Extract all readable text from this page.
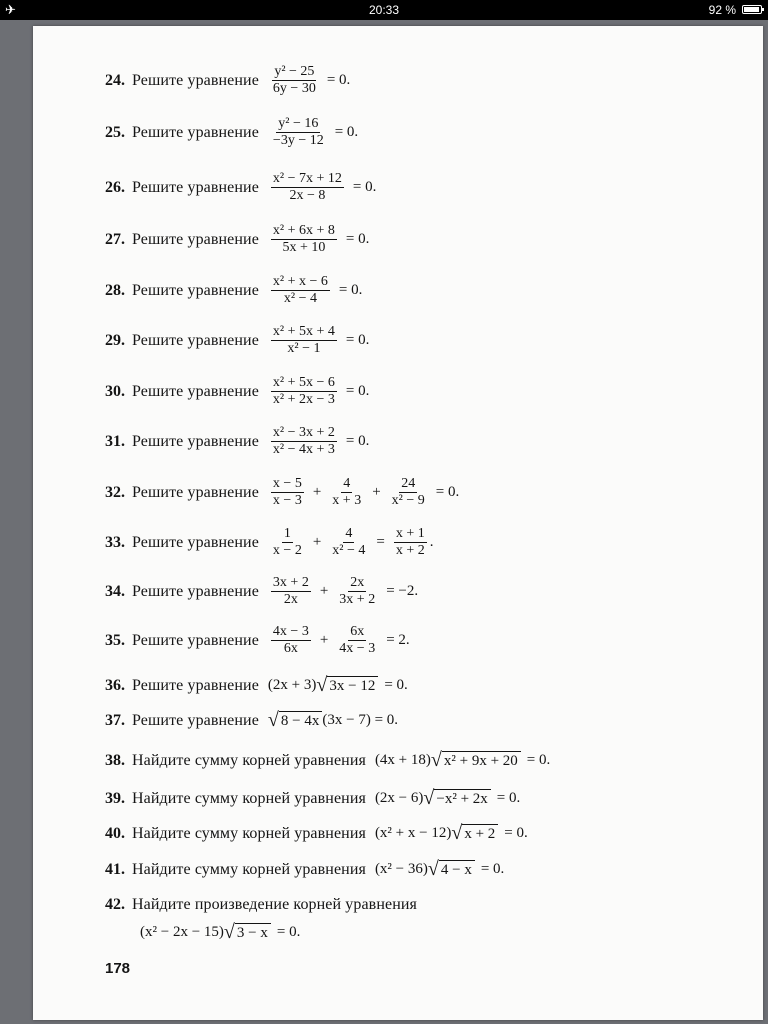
✈	20:33	92 %
24. Решите уравнение $\frac{\text{y² − 25}}{6y - 30} = 0$.
25. Решите уравнение $\frac{\text{y² − 16}}{-3y - 12} = 0$.
26. Решите уравнение $\frac{\text{x² − 7x + 12}}{2x - 8} = 0$.
27. Решите уравнение $\frac{\text{x² + 6x + 8}}{5x + 10} = 0$.
28. Решите уравнение $\frac{\text{x² + x − 6}}{\text{x² − 4}} = 0$.
29. Решите уравнение $\frac{\text{x² + 5x + 4}}{\text{x² − 1}} = 0$.
30. Решите уравнение $\frac{\text{x² + 5x − 6}}{\text{x² + 2x − 3}} = 0$.
31. Решите уравнение $\frac{\text{x² − 3x + 2}}{\text{x² − 4x + 3}} = 0$.
32. Решите уравнение $\frac{x - 5}{x - 3} + \frac{4}{x + 3} + \frac{24}{\text{x² − 9}} = 0$.
33. Решите уравнение $\frac{1}{x - 2} + \frac{4}{\text{x² − 4}} = \frac{x + 1}{x + 2}$ .
34. Решите уравнение $\frac{3x + 2}{2x} + \frac{2x}{3x + 2} = -2$.
35. Решите уравнение $\frac{4x - 3}{6x} + \frac{6x}{4x - 3} = 2$.
36. Решите уравнение (2x + 3) √ 3x − 12 = 0.
37. Решите уравнение √ 8 − 4x (3x − 7) = 0.
38. Найдите сумму корней уравнения (4x + 18) √ x² + 9x + 20 = 0.
39. Найдите сумму корней уравнения (2x − 6) √ −x² + 2x = 0.
40. Найдите сумму корней уравнения (x² + x − 12) √ x + 2 = 0.
41. Найдите сумму корней уравнения (x² − 36) √ 4 − x = 0.
42. Найдите произведение корней уравнения
(x² − 2x − 15) √ 3 − x = 0.
178
